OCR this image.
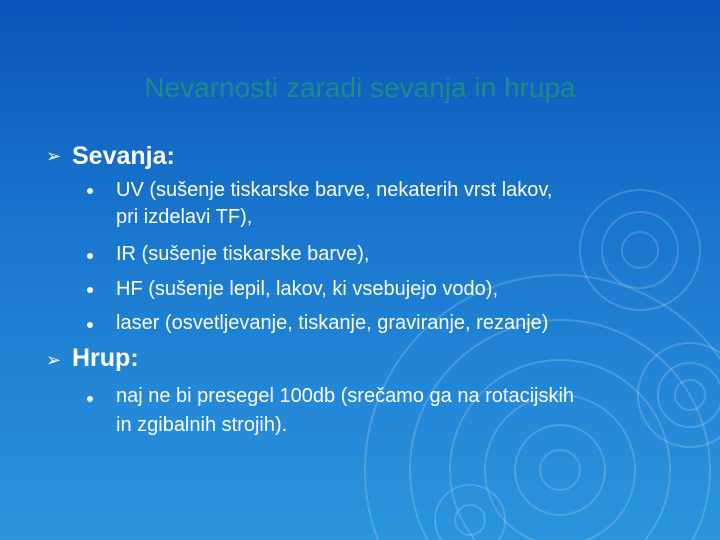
Nevarnosti zaradi sevanja in hrupa
➢ Sevanja:
UV (sušenje tiskarske barve, nekaterih vrst lakov,
pri izdelavi TF),
IR (sušenje tiskarske barve),
HF (sušenje lepil, lakov, ki vsebujejo vodo),
laser (osvetljevanje, tiskanje, graviranje, rezanje)
➢ Hrup:
naj ne bi presegel 100db (srečamo ga na rotacijskih
in zgibalnih strojih).
